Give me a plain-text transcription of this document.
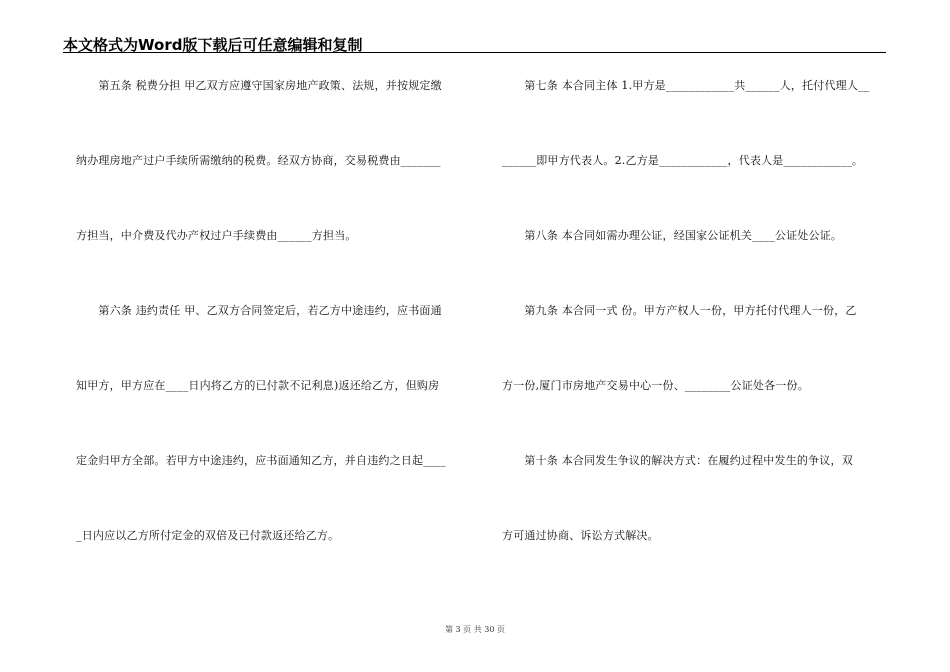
本文格式为Word版下载后可任意编辑和复制
　　第五条 税费分担 甲乙双方应遵守国家房地产政策、法规，并按规定缴
纳办理房地产过户手续所需缴纳的税费。经双方协商，交易税费由_______
方担当，中介费及代办产权过户手续费由______方担当。
　　第六条 违约责任 甲、乙双方合同签定后，若乙方中途违约，应书面通
知甲方，甲方应在____日内将乙方的已付款不记利息)返还给乙方，但购房
定金归甲方全部。若甲方中途违约，应书面通知乙方，并自违约之日起____
_日内应以乙方所付定金的双倍及已付款返还给乙方。
　　第七条 本合同主体 1.甲方是____________共______人，托付代理人__
______即甲方代表人。2.乙方是____________，代表人是____________。
　　第八条 本合同如需办理公证，经国家公证机关____公证处公证。
　　第九条 本合同一式 份。甲方产权人一份，甲方托付代理人一份，乙
方一份,厦门市房地产交易中心一份、________公证处各一份。
　　第十条 本合同发生争议的解决方式：在履约过程中发生的争议，双
方可通过协商、诉讼方式解决。
第 3 页 共 30 页
